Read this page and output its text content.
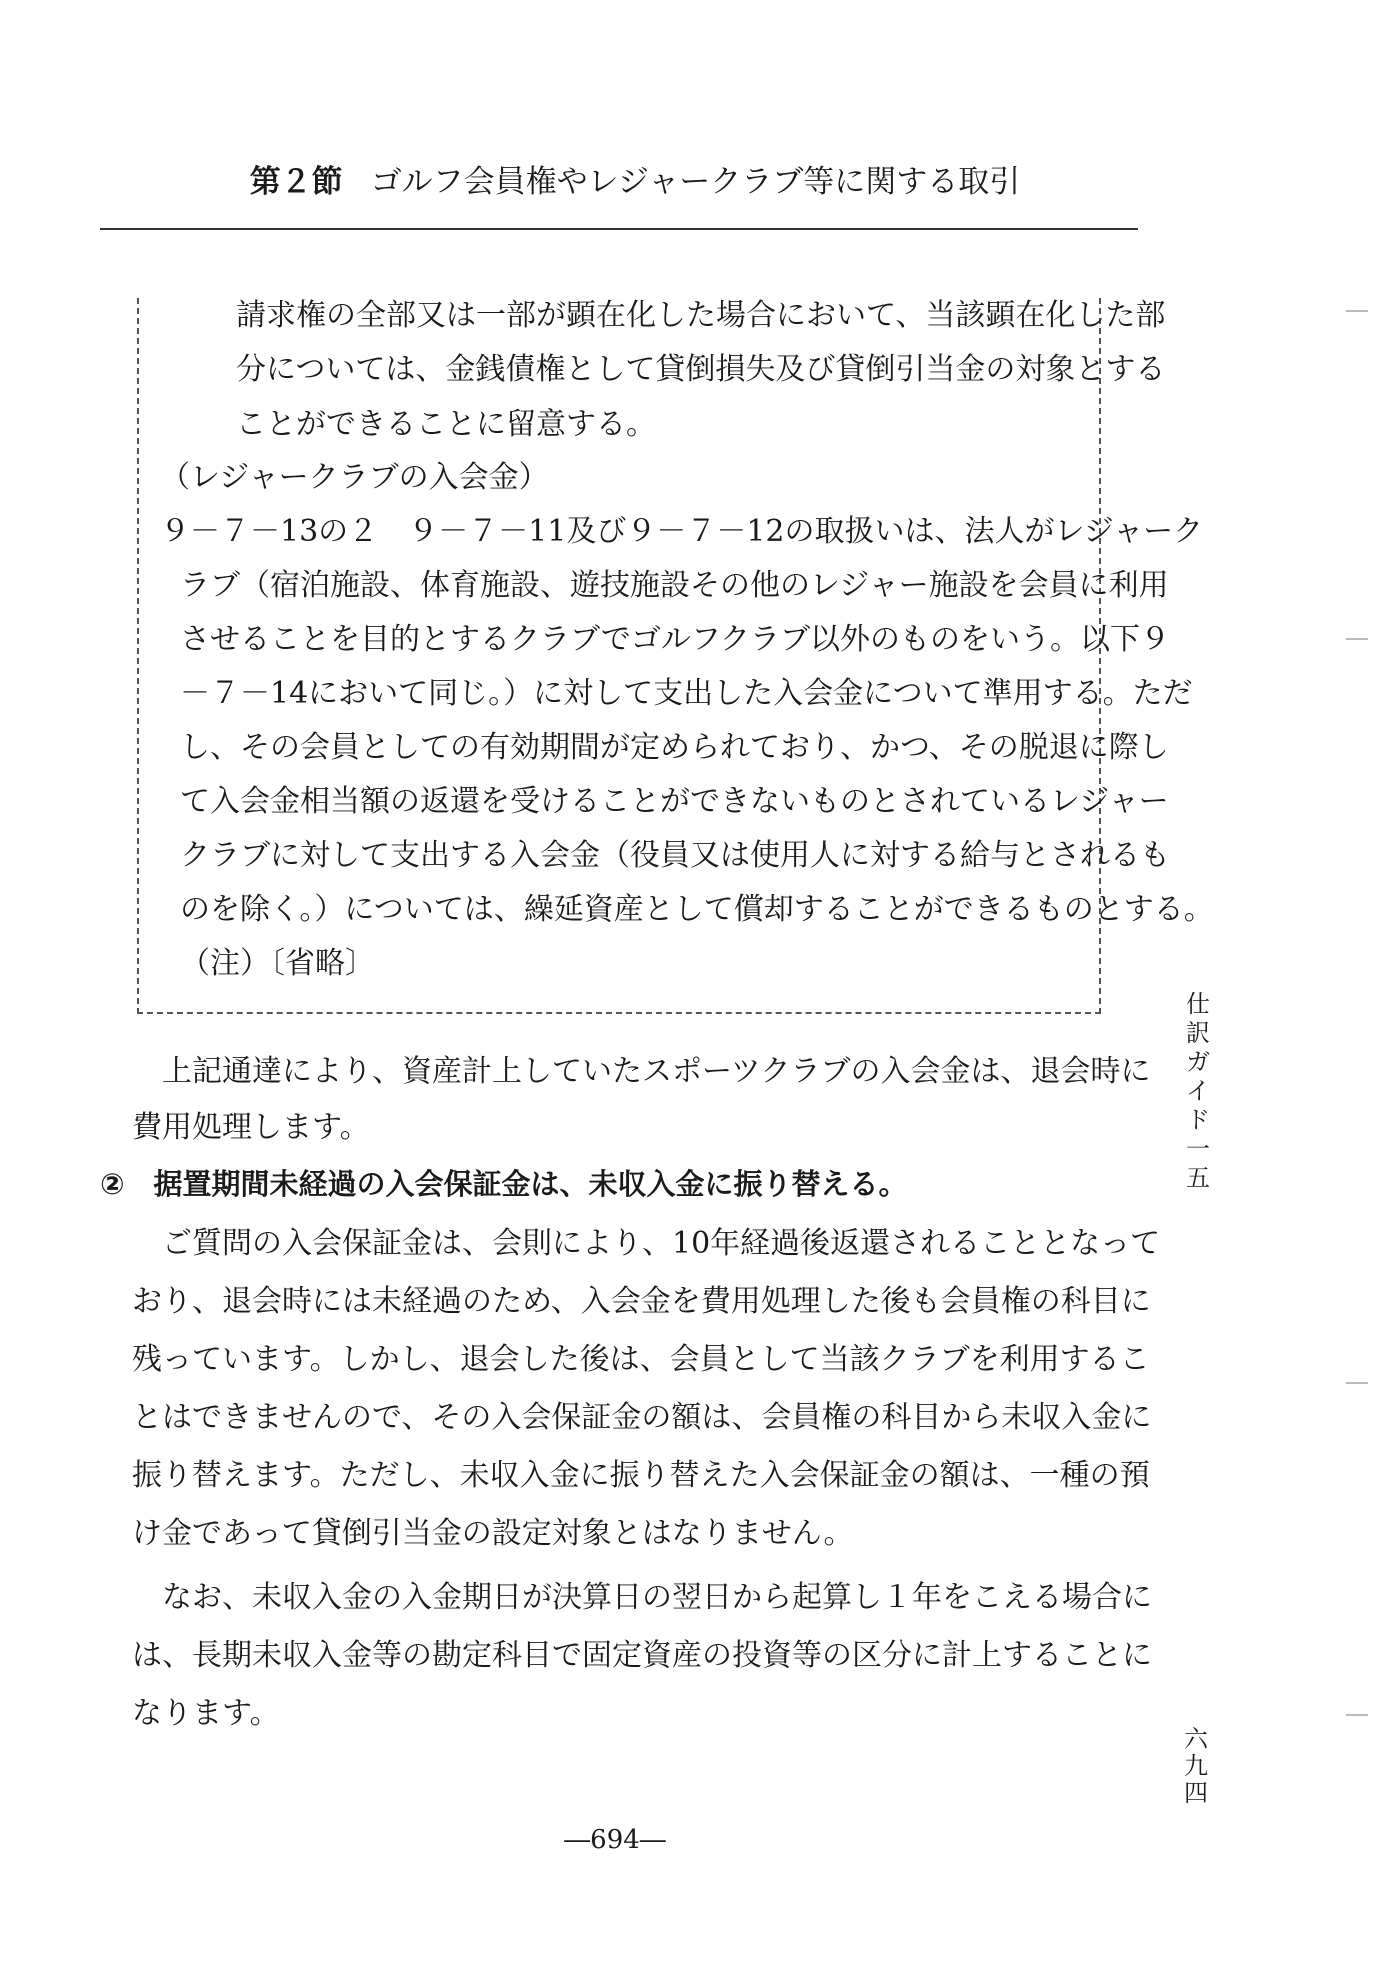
第２節 ゴルフ会員権やレジャークラブ等に関する取引
請求権の全部又は一部が顕在化した場合において、当該顕在化した部
分については、金銭債権として貸倒損失及び貸倒引当金の対象とする
ことができることに留意する。
（レジャークラブの入会金）
９－７－13の２　９－７－11及び９－７－12の取扱いは、法人がレジャーク
ラブ（宿泊施設、体育施設、遊技施設その他のレジャー施設を会員に利用
させることを目的とするクラブでゴルフクラブ以外のものをいう。以下９
－７－14において同じ。）に対して支出した入会金について準用する。ただ
し、その会員としての有効期間が定められており、かつ、その脱退に際し
て入会金相当額の返還を受けることができないものとされているレジャー
クラブに対して支出する入会金（役員又は使用人に対する給与とされるも
のを除く。）については、繰延資産として償却することができるものとする。
（注）〔省略〕
上記通達により、資産計上していたスポーツクラブの入会金は、退会時に
費用処理します。
②　据置期間未経過の入会保証金は、未収入金に振り替える。
ご質問の入会保証金は、会則により、10年経過後返還されることとなって
おり、退会時には未経過のため、入会金を費用処理した後も会員権の科目に
残っています。しかし、退会した後は、会員として当該クラブを利用するこ
とはできませんので、その入会保証金の額は、会員権の科目から未収入金に
振り替えます。ただし、未収入金に振り替えた入会保証金の額は、一種の預
け金であって貸倒引当金の設定対象とはなりません。
なお、未収入金の入金期日が決算日の翌日から起算し１年をこえる場合に
は、長期未収入金等の勘定科目で固定資産の投資等の区分に計上することに
なります。
仕訳ガイド一五
六九四
―694―
